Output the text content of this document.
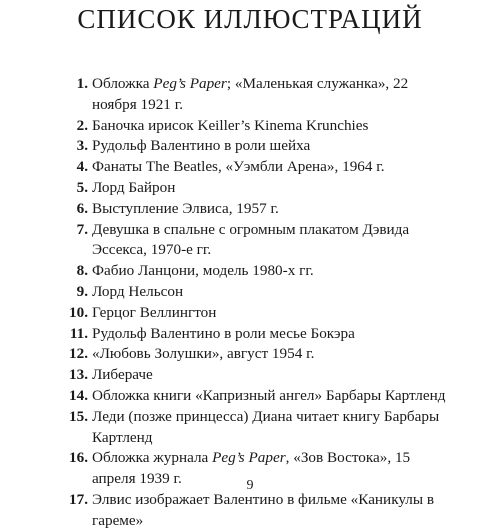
СПИСОК ИЛЛЮСТРАЦИЙ
1. Обложка Peg’s Paper; «Маленькая служанка», 22 ноября 1921 г.
2. Баночка ирисок Keiller’s Kinema Krunchies
3. Рудольф Валентино в роли шейха
4. Фанаты The Beatles, «Уэмбли Арена», 1964 г.
5. Лорд Байрон
6. Выступление Элвиса, 1957 г.
7. Девушка в спальне с огромным плакатом Дэвида Эссекса, 1970-е гг.
8. Фабио Ланцони, модель 1980-х гг.
9. Лорд Нельсон
10. Герцог Веллингтон
11. Рудольф Валентино в роли месье Бокэра
12. «Любовь Золушки», август 1954 г.
13. Либераче
14. Обложка книги «Капризный ангел» Барбары Картленд
15. Леди (позже принцесса) Диана читает книгу Барбары Картленд
16. Обложка журнала Peg’s Paper, «Зов Востока», 15 апреля 1939 г.
17. Элвис изображает Валентино в фильме «Каникулы в гареме»
9
